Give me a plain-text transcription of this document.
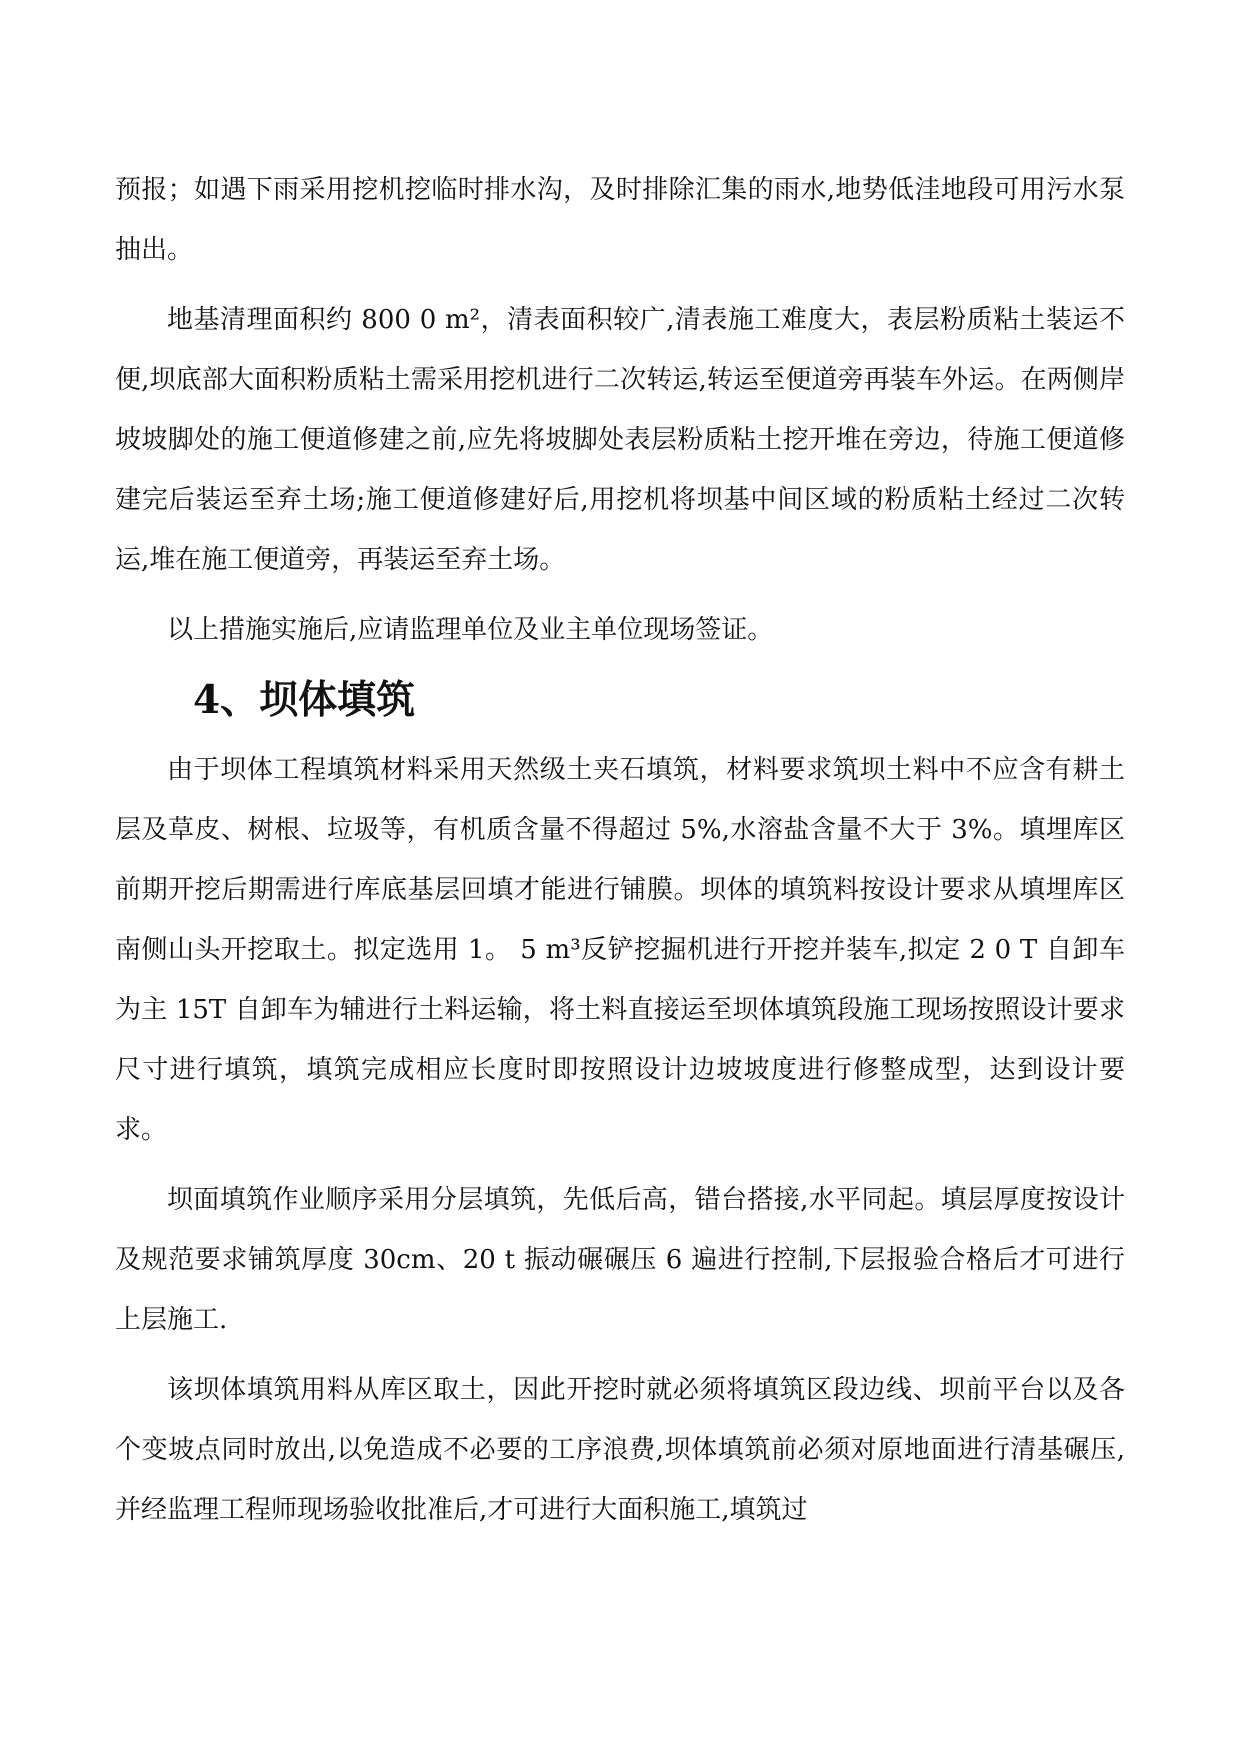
预报；如遇下雨采用挖机挖临时排水沟，及时排除汇集的雨水,地势低洼地段可用污水泵抽出。

地基清理面积约 800 0 m²，清表面积较广,清表施工难度大，表层粉质粘土装运不便,坝底部大面积粉质粘土需采用挖机进行二次转运,转运至便道旁再装车外运。在两侧岸坡坡脚处的施工便道修建之前,应先将坡脚处表层粉质粘土挖开堆在旁边，待施工便道修建完后装运至弃土场;施工便道修建好后,用挖机将坝基中间区域的粉质粘土经过二次转运,堆在施工便道旁，再装运至弃土场。

以上措施实施后,应请监理单位及业主单位现场签证。

4、坝体填筑

由于坝体工程填筑材料采用天然级土夹石填筑，材料要求筑坝土料中不应含有耕土层及草皮、树根、垃圾等，有机质含量不得超过 5%,水溶盐含量不大于 3%。填埋库区前期开挖后期需进行库底基层回填才能进行铺膜。坝体的填筑料按设计要求从填埋库区南侧山头开挖取土。拟定选用 1。 5 m³反铲挖掘机进行开挖并装车,拟定 2 0 T 自卸车为主 15T 自卸车为辅进行土料运输，将土料直接运至坝体填筑段施工现场按照设计要求尺寸进行填筑，填筑完成相应长度时即按照设计边坡坡度进行修整成型，达到设计要求。

坝面填筑作业顺序采用分层填筑，先低后高，错台搭接,水平同起。填层厚度按设计及规范要求铺筑厚度 30cm、20 t 振动碾碾压 6 遍进行控制,下层报验合格后才可进行上层施工.

该坝体填筑用料从库区取土，因此开挖时就必须将填筑区段边线、坝前平台以及各个变坡点同时放出,以免造成不必要的工序浪费,坝体填筑前必须对原地面进行清基碾压,并经监理工程师现场验收批准后,才可进行大面积施工,填筑过
